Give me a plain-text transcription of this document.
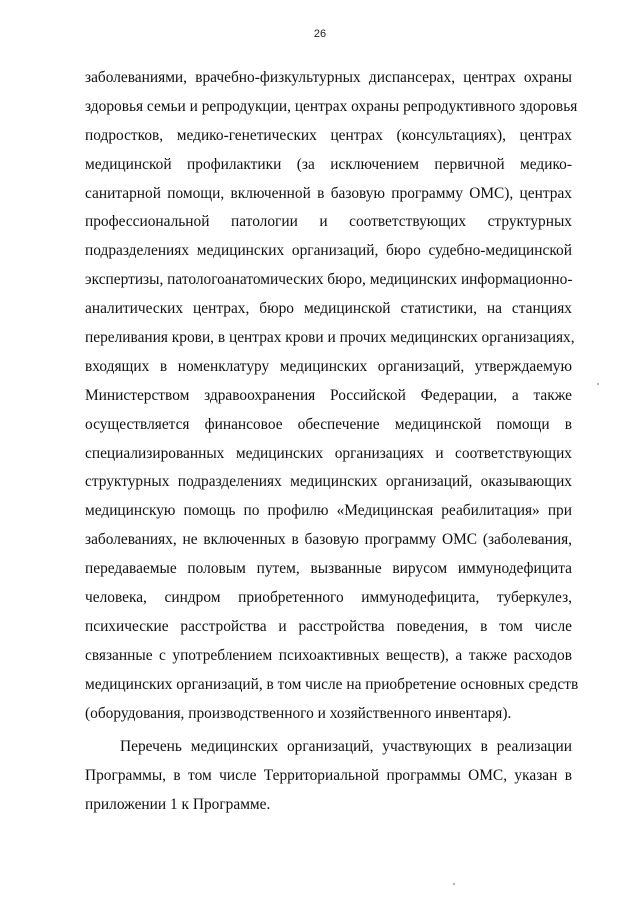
26
заболеваниями, врачебно-физкультурных диспансерах, центрах охраны
здоровья семьи и репродукции, центрах охраны репродуктивного здоровья
подростков, медико-генетических центрах (консультациях), центрах
медицинской профилактики (за исключением первичной медико-
санитарной помощи, включенной в базовую программу ОМС), центрах
профессиональной патологии и соответствующих структурных
подразделениях медицинских организаций, бюро судебно-медицинской
экспертизы, патологоанатомических бюро, медицинских информационно-
аналитических центрах, бюро медицинской статистики, на станциях
переливания крови, в центрах крови и прочих медицинских организациях,
входящих в номенклатуру медицинских организаций, утверждаемую
Министерством здравоохранения Российской Федерации, а также
осуществляется финансовое обеспечение медицинской помощи в
специализированных медицинских организациях и соответствующих
структурных подразделениях медицинских организаций, оказывающих
медицинскую помощь по профилю «Медицинская реабилитация» при
заболеваниях, не включенных в базовую программу ОМС (заболевания,
передаваемые половым путем, вызванные вирусом иммунодефицита
человека, синдром приобретенного иммунодефицита, туберкулез,
психические расстройства и расстройства поведения, в том числе
связанные с употреблением психоактивных веществ), а также расходов
медицинских организаций, в том числе на приобретение основных средств
(оборудования, производственного и хозяйственного инвентаря).
Перечень медицинских организаций, участвующих в реализации
Программы, в том числе Территориальной программы ОМС, указан в
приложении 1 к Программе.
